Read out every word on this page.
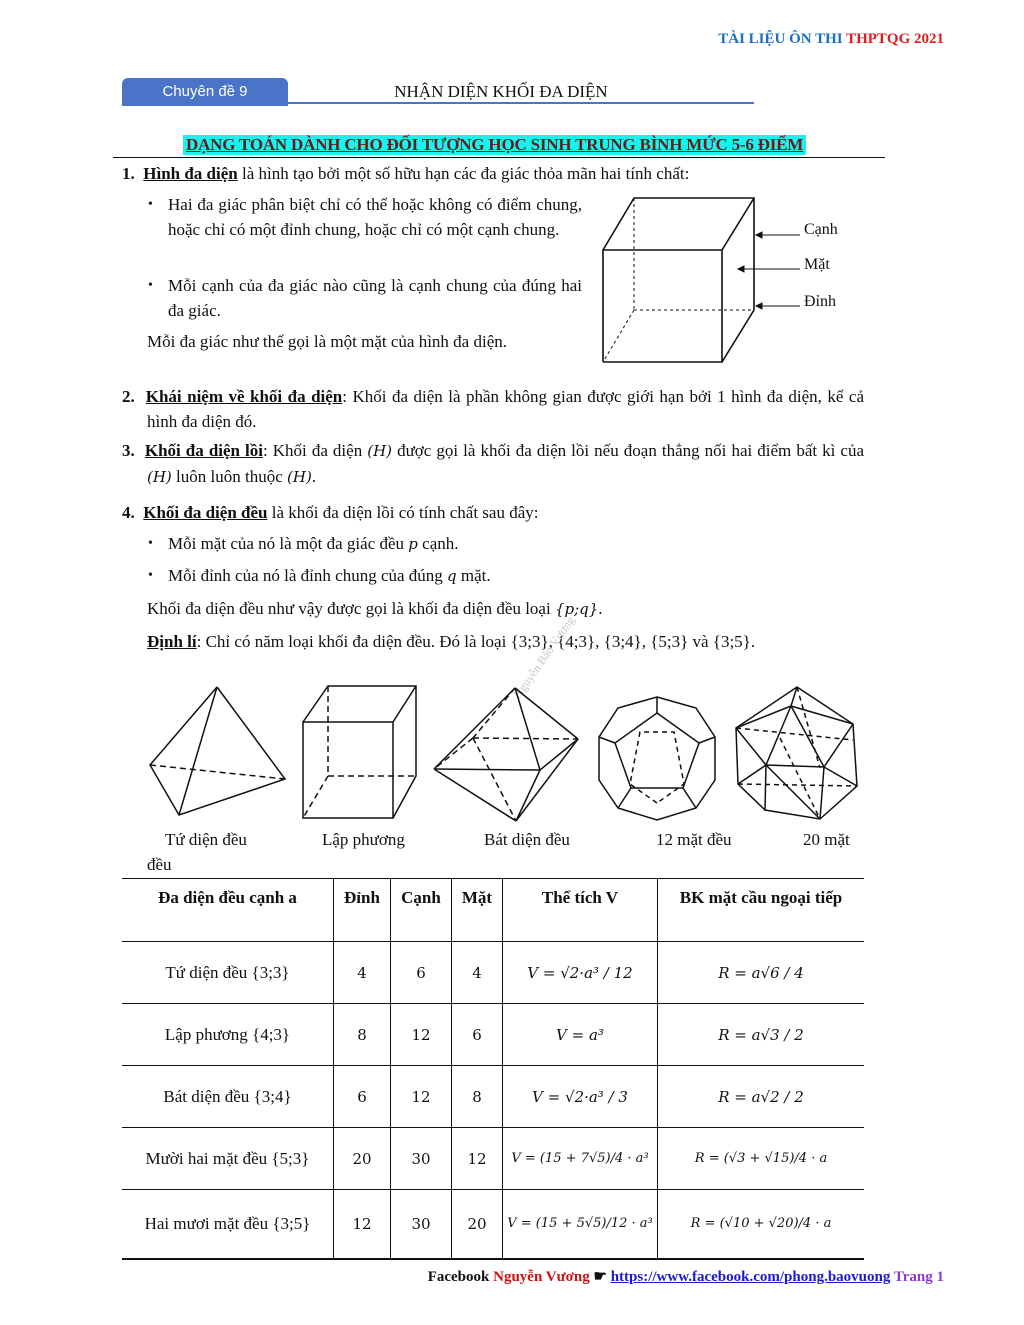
TÀI LIỆU ÔN THI THPTQG 2021
Chuyên đề 9	NHẬN DIỆN KHỐI ĐA DIỆN
DẠNG TOÁN DÀNH CHO ĐỐI TƯỢNG HỌC SINH TRUNG BÌNH MỨC 5-6 ĐIỂM
1. Hình đa diện là hình tạo bởi một số hữu hạn các đa giác thỏa mãn hai tính chất:
• Hai đa giác phân biệt chỉ có thể hoặc không có điểm chung, hoặc chỉ có một đỉnh chung, hoặc chỉ có một cạnh chung.
• Mỗi cạnh của đa giác nào cũng là cạnh chung của đúng hai đa giác.
Mỗi đa giác như thế gọi là một mặt của hình đa diện.
Cạnh
Mặt
Đỉnh
2. Khái niệm về khối đa diện: Khối đa diện là phần không gian được giới hạn bởi 1 hình đa diện, kể cả hình đa diện đó.
3. Khối đa diện lồi: Khối đa diện (H) được gọi là khối đa diện lồi nếu đoạn thẳng nối hai điểm bất kì của (H) luôn luôn thuộc (H).
4. Khối đa diện đều là khối đa diện lồi có tính chất sau đây:
• Mỗi mặt của nó là một đa giác đều p cạnh.
• Mỗi đỉnh của nó là đỉnh chung của đúng q mặt.
Khối đa diện đều như vậy được gọi là khối đa diện đều loại {p;q}.
Định lí: Chỉ có năm loại khối đa diện đều. Đó là loại {3;3}, {4;3}, {3;4}, {5;3} và {3;5}.
Nguyễn Bảo Vương
Tứ diện đều	Lập phương	Bát diện đều	12 mặt đều	20 mặt
đều
Đa diện đều cạnh a	Đỉnh	Cạnh	Mặt	Thể tích V	BK mặt cầu ngoại tiếp
Tứ diện đều {3;3}	4	6	4	V = √2·a³ / 12	R = a√6 / 4
Lập phương {4;3}	8	12	6	V = a³	R = a√3 / 2
Bát diện đều {3;4}	6	12	8	V = √2·a³ / 3	R = a√2 / 2
Mười hai mặt đều {5;3}	20	30	12	V = (15 + 7√5)/4 · a³	R = (√3 + √15)/4 · a
Hai mươi mặt đều {3;5}	12	30	20	V = (15 + 5√5)/12 · a³	R = (√10 + √20)/4 · a
Facebook Nguyễn Vương ☛ https://www.facebook.com/phong.baovuong Trang 1
